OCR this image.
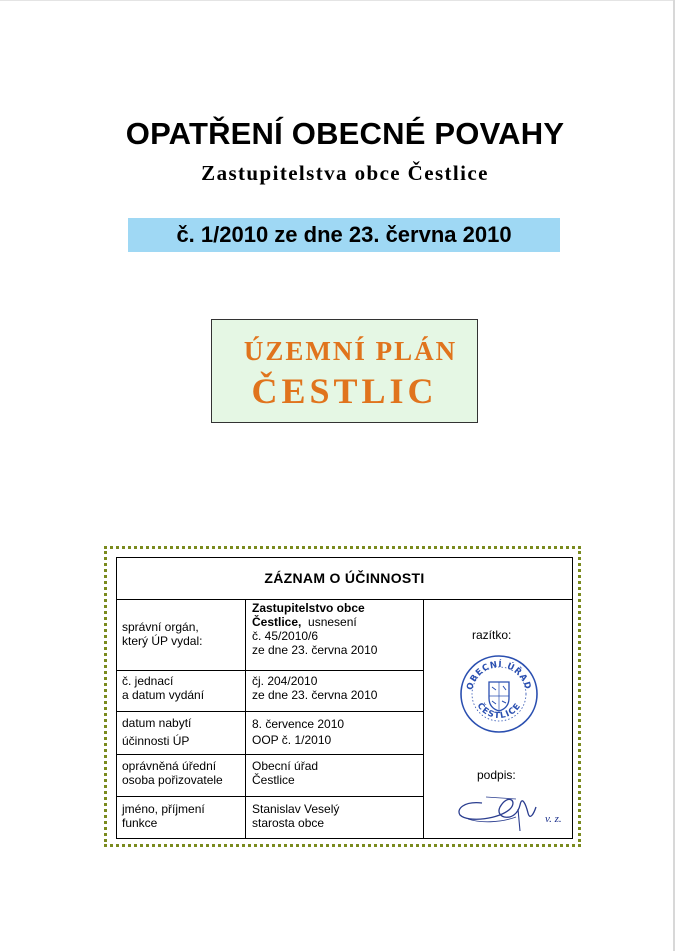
OPATŘENÍ OBECNÉ POVAHY
Zastupitelstva obce Čestlice
č. 1/2010 ze dne 23. června 2010
ÚZEMNÍ PLÁN
ČESTLIC
ZÁZNAM O ÚČINNOSTI
správní orgán,
který ÚP vydal:
Zastupitelstvo obce
Čestlice, usnesení
č. 45/2010/6
ze dne 23. června 2010
č. jednací
a datum vydání
čj. 204/2010
ze dne 23. června 2010
datum nabytí
účinnosti ÚP
8. července 2010
OOP č. 1/2010
oprávněná úřední
osoba pořizovatele
Obecní úřad
Čestlice
jméno, příjmení
funkce
Stanislav Veselý
starosta obce
razítko:
OBECNÍ ÚŘAD
ČESTLICE
podpis:
v. z.
